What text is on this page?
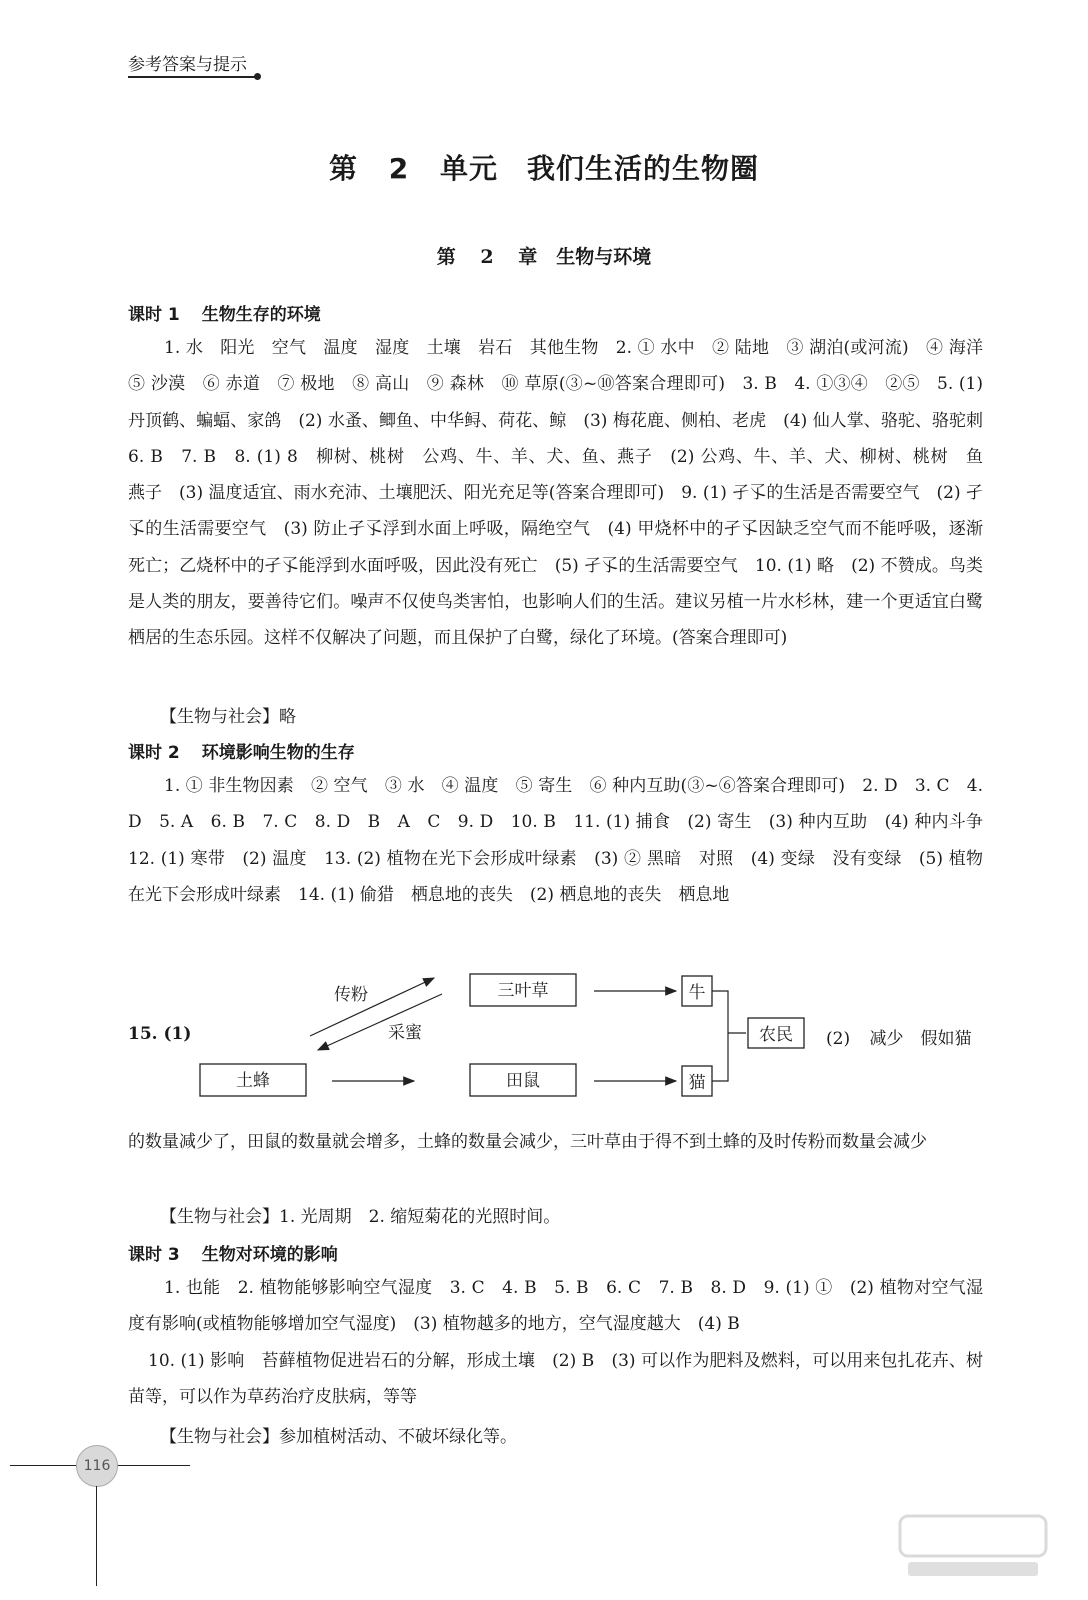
参考答案与提示
第 2 单元　我们生活的生物圈
第 2 章　生物与环境
课时 1 生物生存的环境
1. 水　阳光　空气　温度　湿度　土壤　岩石　其他生物　2. ① 水中　② 陆地　③ 湖泊(或河流)　④ 海洋　⑤ 沙漠　⑥ 赤道　⑦ 极地　⑧ 高山　⑨ 森林　⑩ 草原(③~⑩答案合理即可)　3. B　4. ①③④　②⑤　5. (1) 丹顶鹤、蝙蝠、家鸽　(2) 水蚤、鲫鱼、中华鲟、荷花、鲸　(3) 梅花鹿、侧柏、老虎　(4) 仙人掌、骆驼、骆驼刺　6. B　7. B　8. (1) 8　柳树、桃树　公鸡、牛、羊、犬、鱼、燕子　(2) 公鸡、牛、羊、犬、柳树、桃树　鱼　燕子　(3) 温度适宜、雨水充沛、土壤肥沃、阳光充足等(答案合理即可)　9. (1) 孑孓的生活是否需要空气　(2) 孑孓的生活需要空气　(3) 防止孑孓浮到水面上呼吸，隔绝空气　(4) 甲烧杯中的孑孓因缺乏空气而不能呼吸，逐渐死亡；乙烧杯中的孑孓能浮到水面呼吸，因此没有死亡　(5) 孑孓的生活需要空气　10. (1) 略　(2) 不赞成。鸟类是人类的朋友，要善待它们。噪声不仅使鸟类害怕，也影响人们的生活。建议另植一片水杉林，建一个更适宜白鹭栖居的生态乐园。这样不仅解决了问题，而且保护了白鹭，绿化了环境。(答案合理即可)
【生物与社会】略
课时 2 环境影响生物的生存
1. ① 非生物因素　② 空气　③ 水　④ 温度　⑤ 寄生　⑥ 种内互助(③~⑥答案合理即可)　2. D　3. C　4. D　5. A　6. B　7. C　8. D　B　A　C　9. D　10. B　11. (1) 捕食　(2) 寄生　(3) 种内互助　(4) 种内斗争　12. (1) 寒带　(2) 温度　13. (2) 植物在光下会形成叶绿素　(3) ② 黑暗　对照　(4) 变绿　没有变绿　(5) 植物在光下会形成叶绿素　14. (1) 偷猎　栖息地的丧失　(2) 栖息地的丧失　栖息地
15. (1)
土蜂
三叶草
田鼠
牛
猫
农民
传粉
采蜜	(2) 减少　假如猫
的数量减少了，田鼠的数量就会增多，土蜂的数量会减少，三叶草由于得不到土蜂的及时传粉而数量会减少
【生物与社会】1. 光周期　2. 缩短菊花的光照时间。
课时 3 生物对环境的影响
1. 也能　2. 植物能够影响空气湿度　3. C　4. B　5. B　6. C　7. B　8. D　9. (1) ①　(2) 植物对空气湿度有影响(或植物能够增加空气湿度)　(3) 植物越多的地方，空气湿度越大　(4) B
10. (1) 影响　苔藓植物促进岩石的分解，形成土壤　(2) B　(3) 可以作为肥料及燃料，可以用来包扎花卉、树苗等，可以作为草药治疗皮肤病，等等
【生物与社会】参加植树活动、不破坏绿化等。
116
